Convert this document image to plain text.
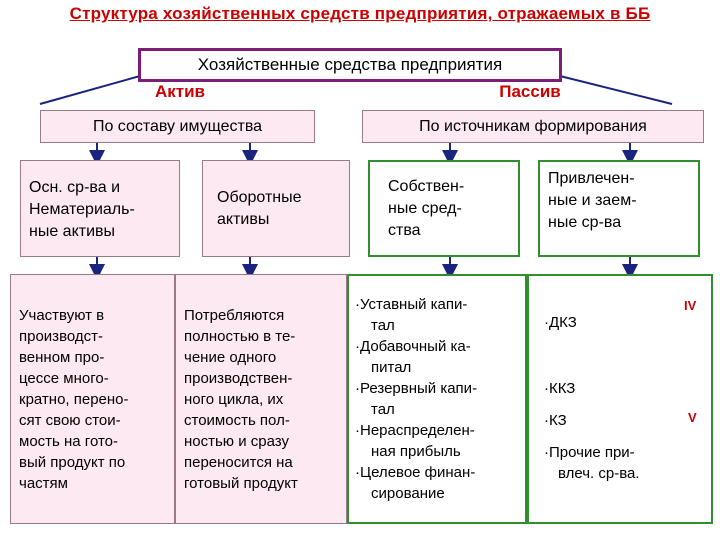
Структура хозяйственных средств предприятия, отражаемых в ББ
Хозяйственные средства предприятия
Актив	Пассив
По составу имущества	По источникам формирования
Осн. ср-ва и
Нематериаль-
ные активы
Оборотные
активы
Собствен-
ные сред-
ства
Привлечен-
ные и заем-
ные ср-ва
Участвуют в
производст-
венном про-
цессе много-
кратно, перено-
сят свою стои-
мость на гото-
вый продукт по
частям
Потребляются
полностью в те-
чение одного
производствен-
ного цикла, их
стоимость пол-
ностью и сразу
переносится на
готовый продукт
·Уставный капи-
тал
·Добавочный ка-
питал
·Резервный капи-
тал
·Нераспределен-
ная прибыль
·Целевое финан-
сирование
·ДКЗ
·ККЗ
·КЗ
·Прочие при-
влеч. ср-ва.
IV
V
